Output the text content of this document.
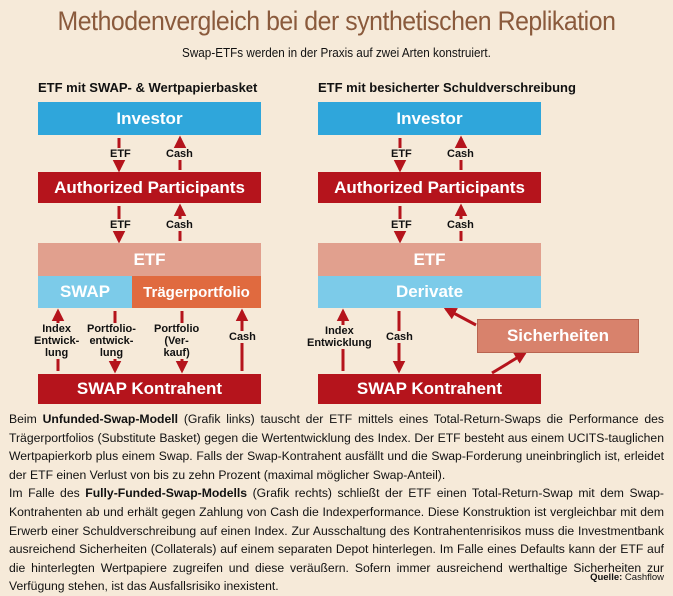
Methodenvergleich bei der synthetischen Replikation
Swap-ETFs werden in der Praxis auf zwei Arten konstruiert.
ETF mit SWAP- & Wertpapierbasket
Investor
ETF	Cash
Authorized Participants
ETF	Cash
ETF
SWAP	Trägerportfolio
Index
Entwick-
lung
Portfolio-
entwick-
lung
Portfolio
(Ver-
kauf)
Cash
SWAP Kontrahent
ETF mit besicherter Schuldverschreibung
Investor
ETF	Cash
Authorized Participants
ETF	Cash
ETF
Derivate
Sicherheiten
Index
Entwicklung Cash
SWAP Kontrahent

Beim Unfunded-Swap-Modell (Grafik links) tauscht der ETF mittels eines Total-Return-Swaps die Performance des Trägerportfolios (Substitute Basket) gegen die Wertentwicklung des Index. Der ETF besteht aus einem UCITS-tauglichen Wertpapierkorb plus einem Swap. Falls der Swap-Kontrahent ausfällt und die Swap-Forderung uneinbringlich ist, erleidet der ETF einen Verlust von bis zu zehn Prozent (maximal möglicher Swap-Anteil).

Im Falle des Fully-Funded-Swap-Modells (Grafik rechts) schließt der ETF einen Total-Return-Swap mit dem Swap-Kontrahenten ab und erhält gegen Zahlung von Cash die Indexperformance. Diese Konstruktion ist vergleichbar mit dem Erwerb einer Schuldverschreibung auf einen Index. Zur Ausschaltung des Kontrahentenrisikos muss die Investmentbank ausreichend Sicherheiten (Collaterals) auf einem separaten Depot hinterlegen. Im Falle eines Defaults kann der ETF auf die hinterlegten Wertpapiere zugreifen und diese veräußern. Sofern immer ausreichend werthaltige Sicherheiten zur Verfügung stehen, ist das Ausfallsrisiko inexistent.

Quelle: Cashflow
